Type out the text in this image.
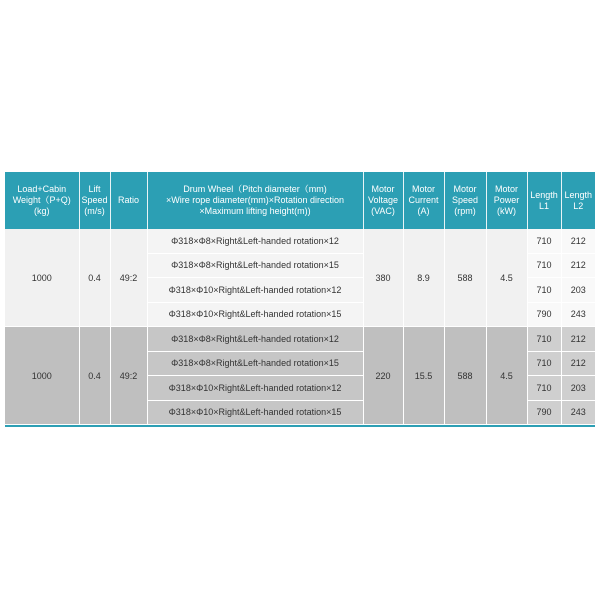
Load+Cabin
Weight（P+Q)
(kg)	Lift
Speed
(m/s)	Ratio	Drum Wheel（Pitch diameter（mm)
×Wire rope diameter(mm)×Rotation direction
×Maximum lifting height(m))	Motor
Voltage
(VAC)	Motor
Current
(A)	Motor
Speed
(rpm)	Motor
Power
(kW)	Length
L1	Length
L2
1000	0.4	49:2	Φ318×Φ8×Right&Left-handed rotation×12	380	8.9	588	4.5	710	212
			Φ318×Φ8×Right&Left-handed rotation×15					710	212
			Φ318×Φ10×Right&Left-handed rotation×12					710	203
			Φ318×Φ10×Right&Left-handed rotation×15					790	243
1000	0.4	49:2	Φ318×Φ8×Right&Left-handed rotation×12	220	15.5	588	4.5	710	212
			Φ318×Φ8×Right&Left-handed rotation×15					710	212
			Φ318×Φ10×Right&Left-handed rotation×12					710	203
			Φ318×Φ10×Right&Left-handed rotation×15					790	243
